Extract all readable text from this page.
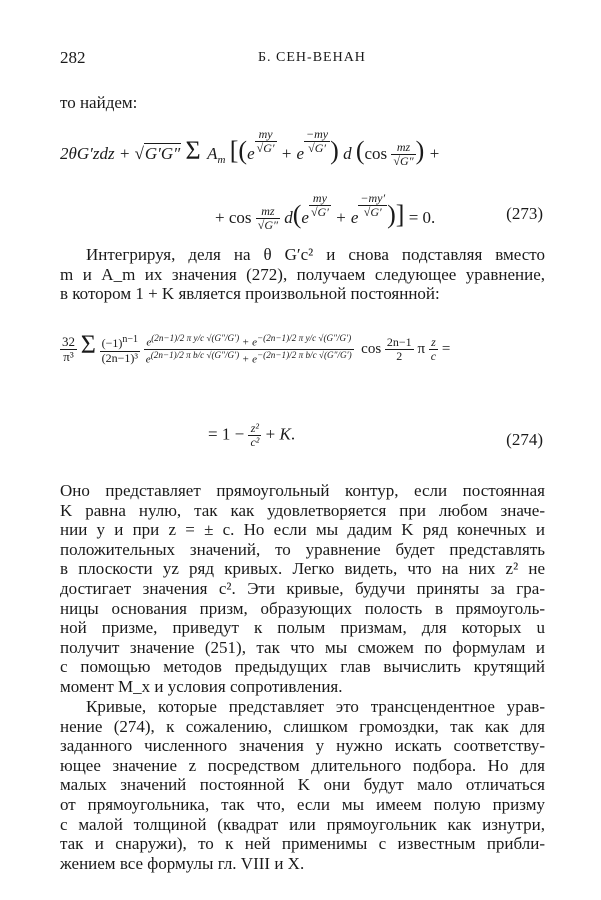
282	Б. СЕН-ВЕНАН
то найдем:
2θG′zdz + √G′G″ Σ $A_m$ [($e \frac{my}{√G'} + e \frac{-my}{√G'}$ ) d ($\cos \frac{mz}{√G''}$ ) +
+ $\cos \frac{mz}{√G''} d(e \frac{my}{√G'} + e \frac{-my'}{√G'}$ )] = 0.	(273)
Интегрируя, деля на θ G′c² и снова подставляя вместо
m и A_m их значения (272), получаем следующее уравнение,
в котором 1 + K является произвольной постоянной:
$\frac{32}{\text{π³}}$ Σ $\frac{(-1)^{n-1}}{\text{(2n−1)³}}$
$\frac{e^{(2n-1)/2 \pi y/c √(G''/G')} + e^{-(2n-1)/2 \pi y/c √(G''/G')}}{e^{(2n-1)/2 \pi b/c √(G''/G')} + e^{-(2n-1)/2 \pi b/c √(G''/G')}}$ $\cos \frac{2n-1}{2}$ π $\frac{z}{c}$ =
= $1 - \frac{\text{z²}}{\text{c²}} + K$.	(274)
Оно представляет прямоугольный контур, если постоянная
K равна нулю, так как удовлетворяется при любом значе-
нии y и при z = ± c. Но если мы дадим K ряд конечных и
положительных значений, то уравнение будет представлять
в плоскости yz ряд кривых. Легко видеть, что на них z² не
достигает значения c². Эти кривые, будучи приняты за гра-
ницы основания призм, образующих полость в прямоуголь-
ной призме, приведут к полым призмам, для которых u
получит значение (251), так что мы сможем по формулам и
с помощью методов предыдущих глав вычислить крутящий
момент M_x и условия сопротивления.
Кривые, которые представляет это трансцендентное урав-
нение (274), к сожалению, слишком громоздки, так как для
заданного численного значения y нужно искать соответству-
ющее значение z посредством длительного подбора. Но для
малых значений постоянной K они будут мало отличаться
от прямоугольника, так что, если мы имеем полую призму
с малой толщиной (квадрат или прямоугольник как изнутри,
так и снаружи), то к ней применимы с известным прибли-
жением все формулы гл. VIII и X.
